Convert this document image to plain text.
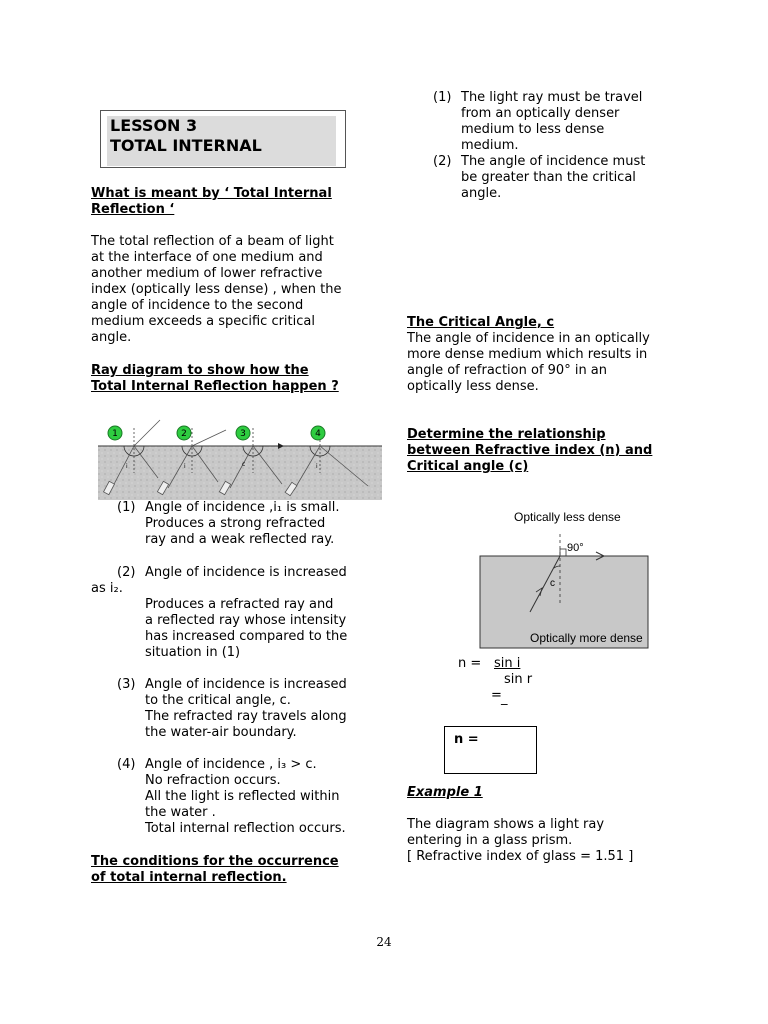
LESSON 3
TOTAL INTERNAL
What is meant by ‘ Total Internal
Reflection ‘
The total reflection of a beam of light
at the interface of one medium and
another medium of lower refractive
index (optically less dense) , when the
angle of incidence to the second
medium exceeds a specific critical
angle.
Ray diagram to show how the
Total Internal Reflection happen ?
i	i	c	i
1	2	3	4
(1) Angle of incidence ,i₁ is small.
Produces a strong refracted
ray and a weak reflected ray.
(2) Angle of incidence is increased
as i₂.
Produces a refracted ray and
a reflected ray whose intensity
has increased compared to the
situation in (1)
(3) Angle of incidence is increased
to the critical angle, c.
The refracted ray travels along
the water-air boundary.
(4) Angle of incidence , i₃ > c.
No refraction occurs.
All the light is reflected within
the water .
Total internal reflection occurs.
The conditions for the occurrence
of total internal reflection.
(1) The light ray must be travel
from an optically denser
medium to less dense
medium.
(2) The angle of incidence must
be greater than the critical
angle.
The Critical Angle, c
The angle of incidence in an optically
more dense medium which results in
angle of refraction of 90° in an
optically less dense.
Determine the relationship
between Refractive index (n) and
Critical angle (c)
Optically less dense
90°
c
Optically more dense
n = sin i
sin r
= _
n =
Example 1
The diagram shows a light ray
entering in a glass prism.
[ Refractive index of glass = 1.51 ]
24
